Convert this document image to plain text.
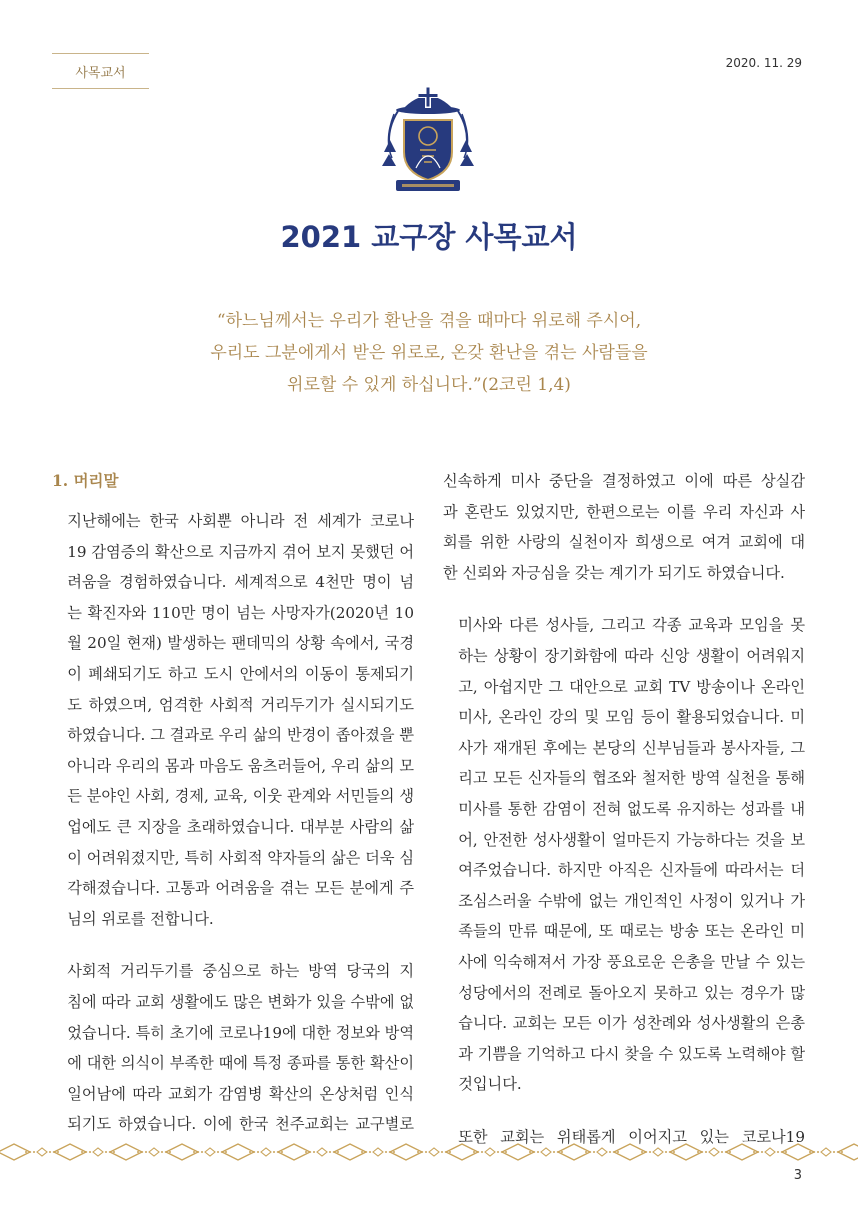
사목교서
2020. 11. 29
2021 교구장 사목교서
“하느님께서는 우리가 환난을 겪을 때마다 위로해 주시어,
우리도 그분에게서 받은 위로로, 온갖 환난을 겪는 사람들을
위로할 수 있게 하십니다.”(2코린 1,4)
1. 머리말

지난해에는 한국 사회뿐 아니라 전 세계가 코로나
19 감염증의 확산으로 지금까지 겪어 보지 못했던 어
려움을 경험하였습니다. 세계적으로 4천만 명이 넘
는 확진자와 110만 명이 넘는 사망자가(2020년 10
월 20일 현재) 발생하는 팬데믹의 상황 속에서, 국경
이 폐쇄되기도 하고 도시 안에서의 이동이 통제되기
도 하였으며, 엄격한 사회적 거리두기가 실시되기도
하였습니다. 그 결과로 우리 삶의 반경이 좁아졌을 뿐
아니라 우리의 몸과 마음도 움츠러들어, 우리 삶의 모
든 분야인 사회, 경제, 교육, 이웃 관계와 서민들의 생
업에도 큰 지장을 초래하였습니다. 대부분 사람의 삶
이 어려워졌지만, 특히 사회적 약자들의 삶은 더욱 심
각해졌습니다. 고통과 어려움을 겪는 모든 분에게 주
님의 위로를 전합니다.

사회적 거리두기를 중심으로 하는 방역 당국의 지
침에 따라 교회 생활에도 많은 변화가 있을 수밖에 없
었습니다. 특히 초기에 코로나19에 대한 정보와 방역
에 대한 의식이 부족한 때에 특정 종파를 통한 확산이
일어남에 따라 교회가 감염병 확산의 온상처럼 인식
되기도 하였습니다. 이에 한국 천주교회는 교구별로

신속하게 미사 중단을 결정하였고 이에 따른 상실감
과 혼란도 있었지만, 한편으로는 이를 우리 자신과 사
회를 위한 사랑의 실천이자 희생으로 여겨 교회에 대
한 신뢰와 자긍심을 갖는 계기가 되기도 하였습니다.

미사와 다른 성사들, 그리고 각종 교육과 모임을 못
하는 상황이 장기화함에 따라 신앙 생활이 어려워지
고, 아쉽지만 그 대안으로 교회 TV 방송이나 온라인
미사, 온라인 강의 및 모임 등이 활용되었습니다. 미
사가 재개된 후에는 본당의 신부님들과 봉사자들, 그
리고 모든 신자들의 협조와 철저한 방역 실천을 통해
미사를 통한 감염이 전혀 없도록 유지하는 성과를 내
어, 안전한 성사생활이 얼마든지 가능하다는 것을 보
여주었습니다. 하지만 아직은 신자들에 따라서는 더
조심스러울 수밖에 없는 개인적인 사정이 있거나 가
족들의 만류 때문에, 또 때로는 방송 또는 온라인 미
사에 익숙해져서 가장 풍요로운 은총을 만날 수 있는
성당에서의 전례로 돌아오지 못하고 있는 경우가 많
습니다. 교회는 모든 이가 성찬례와 성사생활의 은총
과 기쁨을 기억하고 다시 찾을 수 있도록 노력해야 할
것입니다.

또한 교회는 위태롭게 이어지고 있는 코로나19

3
